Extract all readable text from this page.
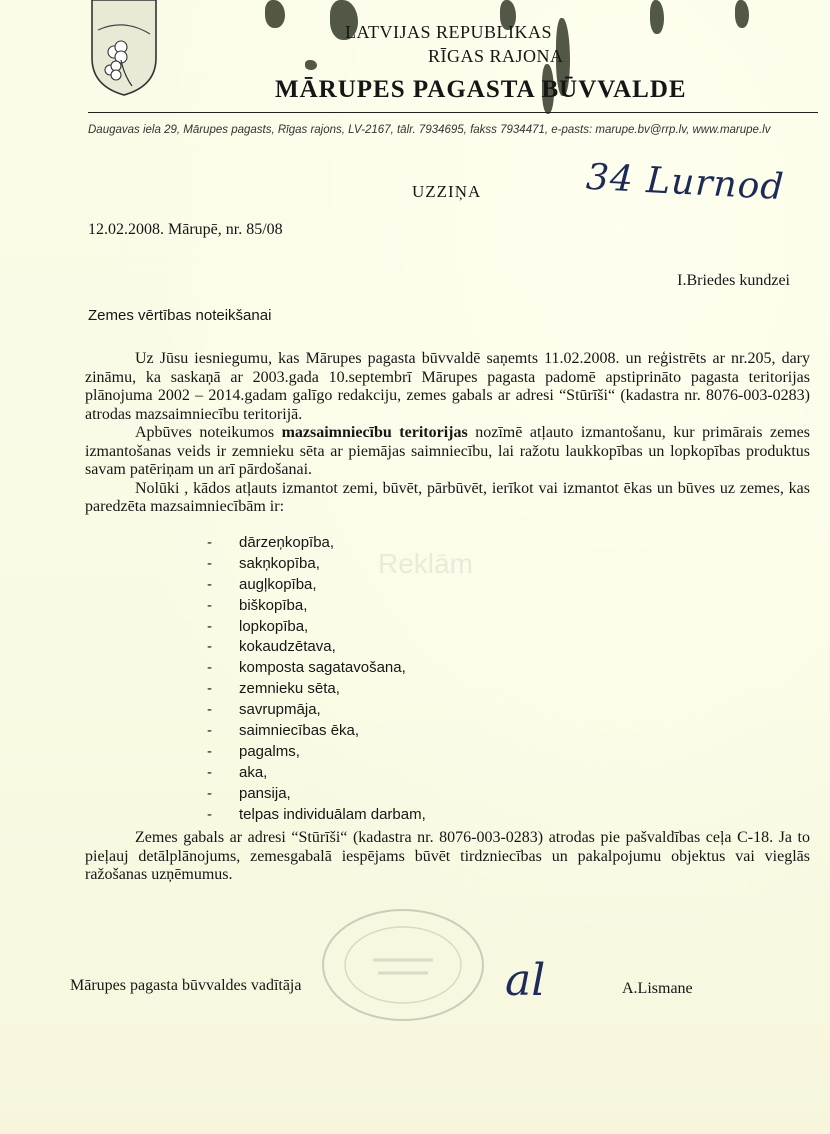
LATVIJAS REPUBLIKAS
RĪGAS RAJONA
MĀRUPES PAGASTA BŪVVALDE
Daugavas iela 29, Mārupes pagasts, Rīgas rajons, LV-2167, tālr. 7934695, fakss 7934471, e-pasts: marupe.bv@rrp.lv, www.marupe.lv
UZZIŅA	34 Lurnod
12.02.2008. Mārupē, nr. 85/08
I.Briedes kundzei
Zemes vērtības noteikšanai

Uz Jūsu iesniegumu, kas Mārupes pagasta būvvaldē saņemts 11.02.2008. un reģistrēts ar nr.205, darу zināmu, ka saskaņā ar 2003.gada 10.septembrī Mārupes pagasta padomē apstiprināto pagasta teritorijas plānojuma 2002 – 2014.gadam galīgo redakciju, zemes gabals ar adresi “Stūrīši“ (kadastra nr. 8076-003-0283) atrodas mazsaimniecību teritorijā.

Apbūves noteikumos mazsaimniecību teritorijas nozīmē atļauto izmantošanu, kur primārais zemes izmantošanas veids ir zemnieku sēta ar piemājas saimniecību, lai ražotu laukkopības un lopkopības produktus savam patēriņam un arī pārdošanai.

Nolūki , kādos atļauts izmantot zemi, būvēt, pārbūvēt, ierīkot vai izmantot ēkas un būves uz zemes, kas paredzēta mazsaimniecībām ir:

Reklām
- dārzeņkopība,
- sakņkopība,
- augļkopība,
- biškopība,
- lopkopība,
- kokaudzētava,
- komposta sagatavošana,
- zemnieku sēta,
- savrupmāja,
- saimniecības ēka,
- pagalms,
- aka,
- pansija,
- telpas individuālam darbam,

Zemes gabals ar adresi “Stūrīši“ (kadastra nr. 8076-003-0283) atrodas pie pašvaldības ceļa C-18. Ja to pieļauj detālplānojums, zemesgabalā iespējams būvēt tirdzniecības un pakalpojumu objektus vai vieglās ražošanas uzņēmumus.

Mārupes pagasta būvvaldes vadītāja	al	A.Lismane
